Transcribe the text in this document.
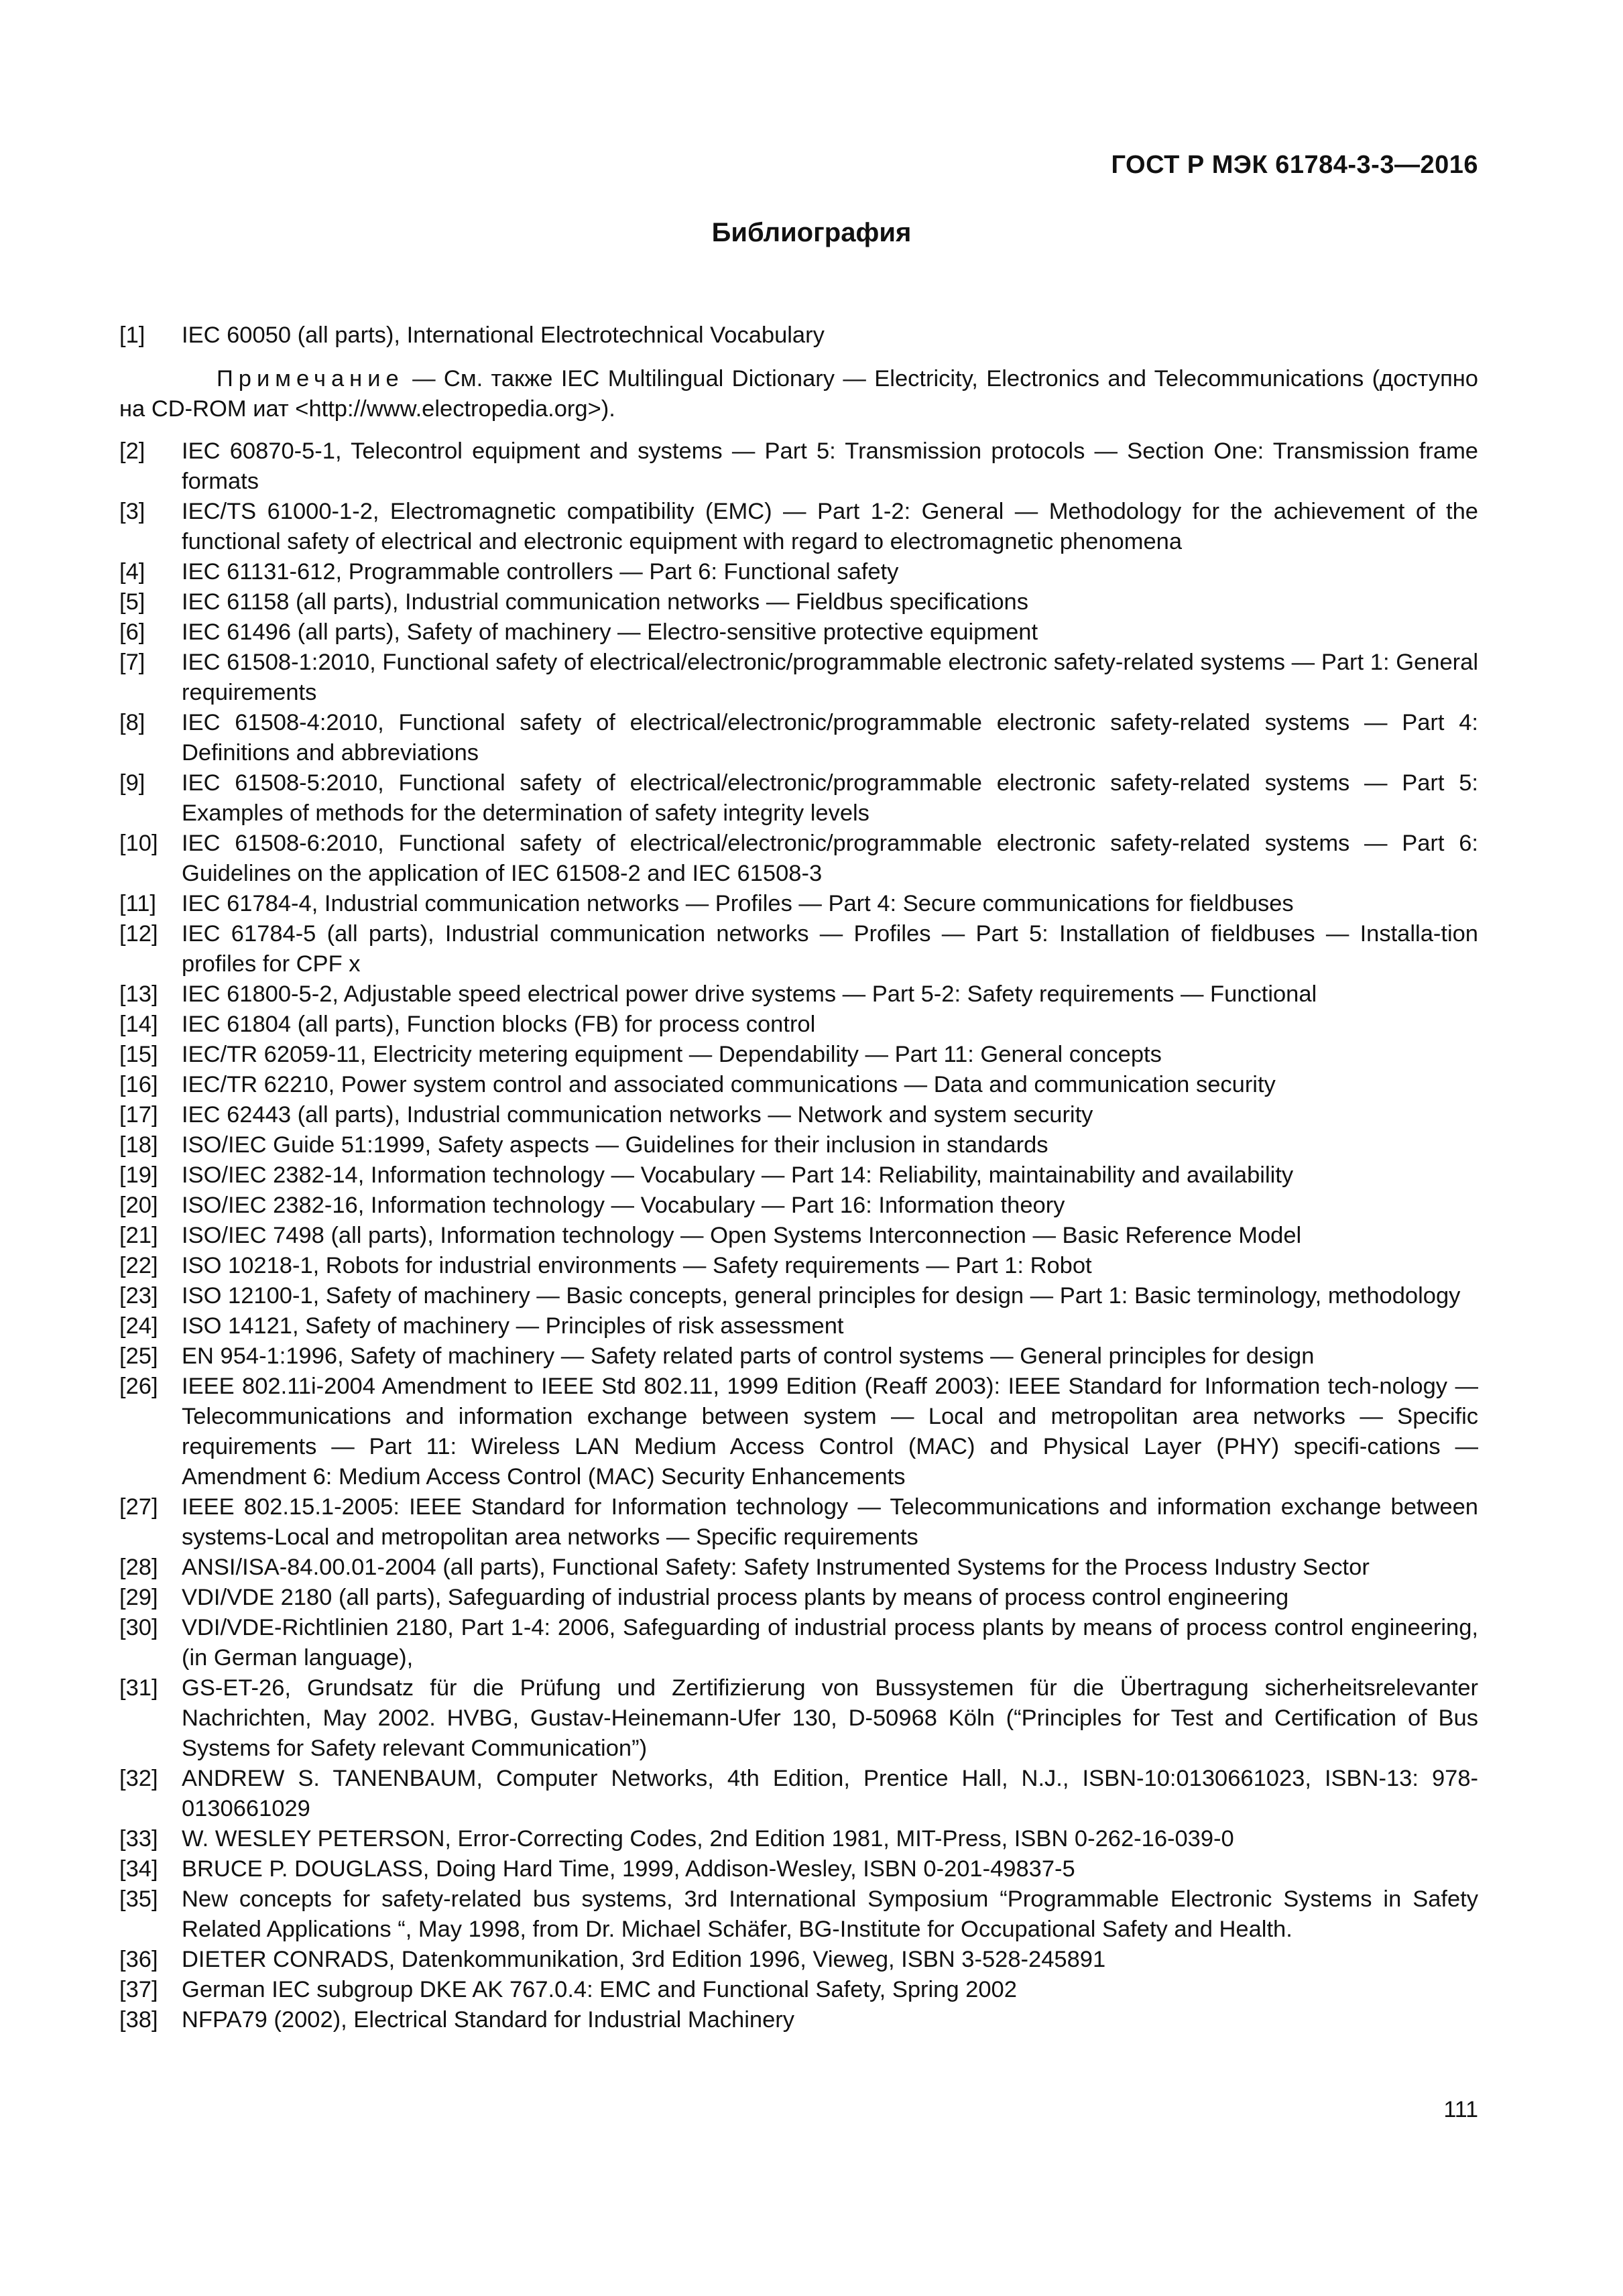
ГОСТ Р МЭК 61784-3-3—2016
Библиография
[1]	IEC 60050 (all parts), International Electrotechnical Vocabulary
Примечание — См. также IEC Multilingual Dictionary — Electricity, Electronics and Telecommunications (доступно на CD-ROM иат <http://www.electropedia.org>).
[2]	IEC 60870-5-1, Telecontrol equipment and systems — Part 5: Transmission protocols — Section One: Transmission frame formats
[3]	IEC/TS 61000-1-2, Electromagnetic compatibility (EMC) — Part 1-2: General — Methodology for the achievement of the functional safety of electrical and electronic equipment with regard to electromagnetic phenomena
[4]	IEC 61131-612, Programmable controllers — Part 6: Functional safety
[5]	IEC 61158 (all parts), Industrial communication networks — Fieldbus specifications
[6]	IEC 61496 (all parts), Safety of machinery — Electro-sensitive protective equipment
[7]	IEC 61508-1:2010, Functional safety of electrical/electronic/programmable electronic safety-related systems — Part 1: General requirements
[8]	IEC 61508-4:2010, Functional safety of electrical/electronic/programmable electronic safety-related systems — Part 4: Definitions and abbreviations
[9]	IEC 61508-5:2010, Functional safety of electrical/electronic/programmable electronic safety-related systems — Part 5: Examples of methods for the determination of safety integrity levels
[10]	IEC 61508-6:2010, Functional safety of electrical/electronic/programmable electronic safety-related systems — Part 6: Guidelines on the application of IEC 61508-2 and IEC 61508-3
[11]	IEC 61784-4, Industrial communication networks — Profiles — Part 4: Secure communications for fieldbuses
[12]	IEC 61784-5 (all parts), Industrial communication networks — Profiles — Part 5: Installation of fieldbuses — Installa-tion profiles for CPF x
[13]	IEC 61800-5-2, Adjustable speed electrical power drive systems — Part 5-2: Safety requirements — Functional
[14]	IEC 61804 (all parts), Function blocks (FB) for process control
[15]	IEC/TR 62059-11, Electricity metering equipment — Dependability — Part 11: General concepts
[16]	IEC/TR 62210, Power system control and associated communications — Data and communication security
[17]	IEC 62443 (all parts), Industrial communication networks — Network and system security
[18]	ISO/IEC Guide 51:1999, Safety aspects — Guidelines for their inclusion in standards
[19]	ISO/IEC 2382-14, Information technology — Vocabulary — Part 14: Reliability, maintainability and availability
[20]	ISO/IEC 2382-16, Information technology — Vocabulary — Part 16: Information theory
[21]	ISO/IEC 7498 (all parts), Information technology — Open Systems Interconnection — Basic Reference Model
[22]	ISO 10218-1, Robots for industrial environments — Safety requirements — Part 1: Robot
[23]	ISO 12100-1, Safety of machinery — Basic concepts, general principles for design — Part 1: Basic terminology, methodology
[24]	ISO 14121, Safety of machinery — Principles of risk assessment
[25]	EN 954-1:1996, Safety of machinery — Safety related parts of control systems — General principles for design
[26]	IEEE 802.11i-2004 Amendment to IEEE Std 802.11, 1999 Edition (Reaff 2003): IEEE Standard for Information tech-nology — Telecommunications and information exchange between system — Local and metropolitan area networks — Specific requirements — Part 11: Wireless LAN Medium Access Control (MAC) and Physical Layer (PHY) specifi-cations — Amendment 6: Medium Access Control (MAC) Security Enhancements
[27]	IEEE 802.15.1-2005: IEEE Standard for Information technology — Telecommunications and information exchange between systems-Local and metropolitan area networks — Specific requirements
[28]	ANSI/ISA-84.00.01-2004 (all parts), Functional Safety: Safety Instrumented Systems for the Process Industry Sector
[29]	VDI/VDE 2180 (all parts), Safeguarding of industrial process plants by means of process control engineering
[30]	VDI/VDE-Richtlinien 2180, Part 1-4: 2006, Safeguarding of industrial process plants by means of process control engineering, (in German language),
[31]	GS-ET-26, Grundsatz für die Prüfung und Zertifizierung von Bussystemen für die Übertragung sicherheitsrelevanter Nachrichten, May 2002. HVBG, Gustav-Heinemann-Ufer 130, D-50968 Köln (“Principles for Test and Certification of Bus Systems for Safety relevant Communication”)
[32]	ANDREW S. TANENBAUM, Computer Networks, 4th Edition, Prentice Hall, N.J., ISBN-10:0130661023, ISBN-13: 978-0130661029
[33]	W. WESLEY PETERSON, Error-Correcting Codes, 2nd Edition 1981, MIT-Press, ISBN 0-262-16-039-0
[34]	BRUCE P. DOUGLASS, Doing Hard Time, 1999, Addison-Wesley, ISBN 0-201-49837-5
[35]	New concepts for safety-related bus systems, 3rd International Symposium “Programmable Electronic Systems in Safety Related Applications “, May 1998, from Dr. Michael Schäfer, BG-Institute for Occupational Safety and Health.
[36]	DIETER CONRADS, Datenkommunikation, 3rd Edition 1996, Vieweg, ISBN 3-528-245891
[37]	German IEC subgroup DKE AK 767.0.4: EMC and Functional Safety, Spring 2002
[38]	NFPA79 (2002), Electrical Standard for Industrial Machinery
111
